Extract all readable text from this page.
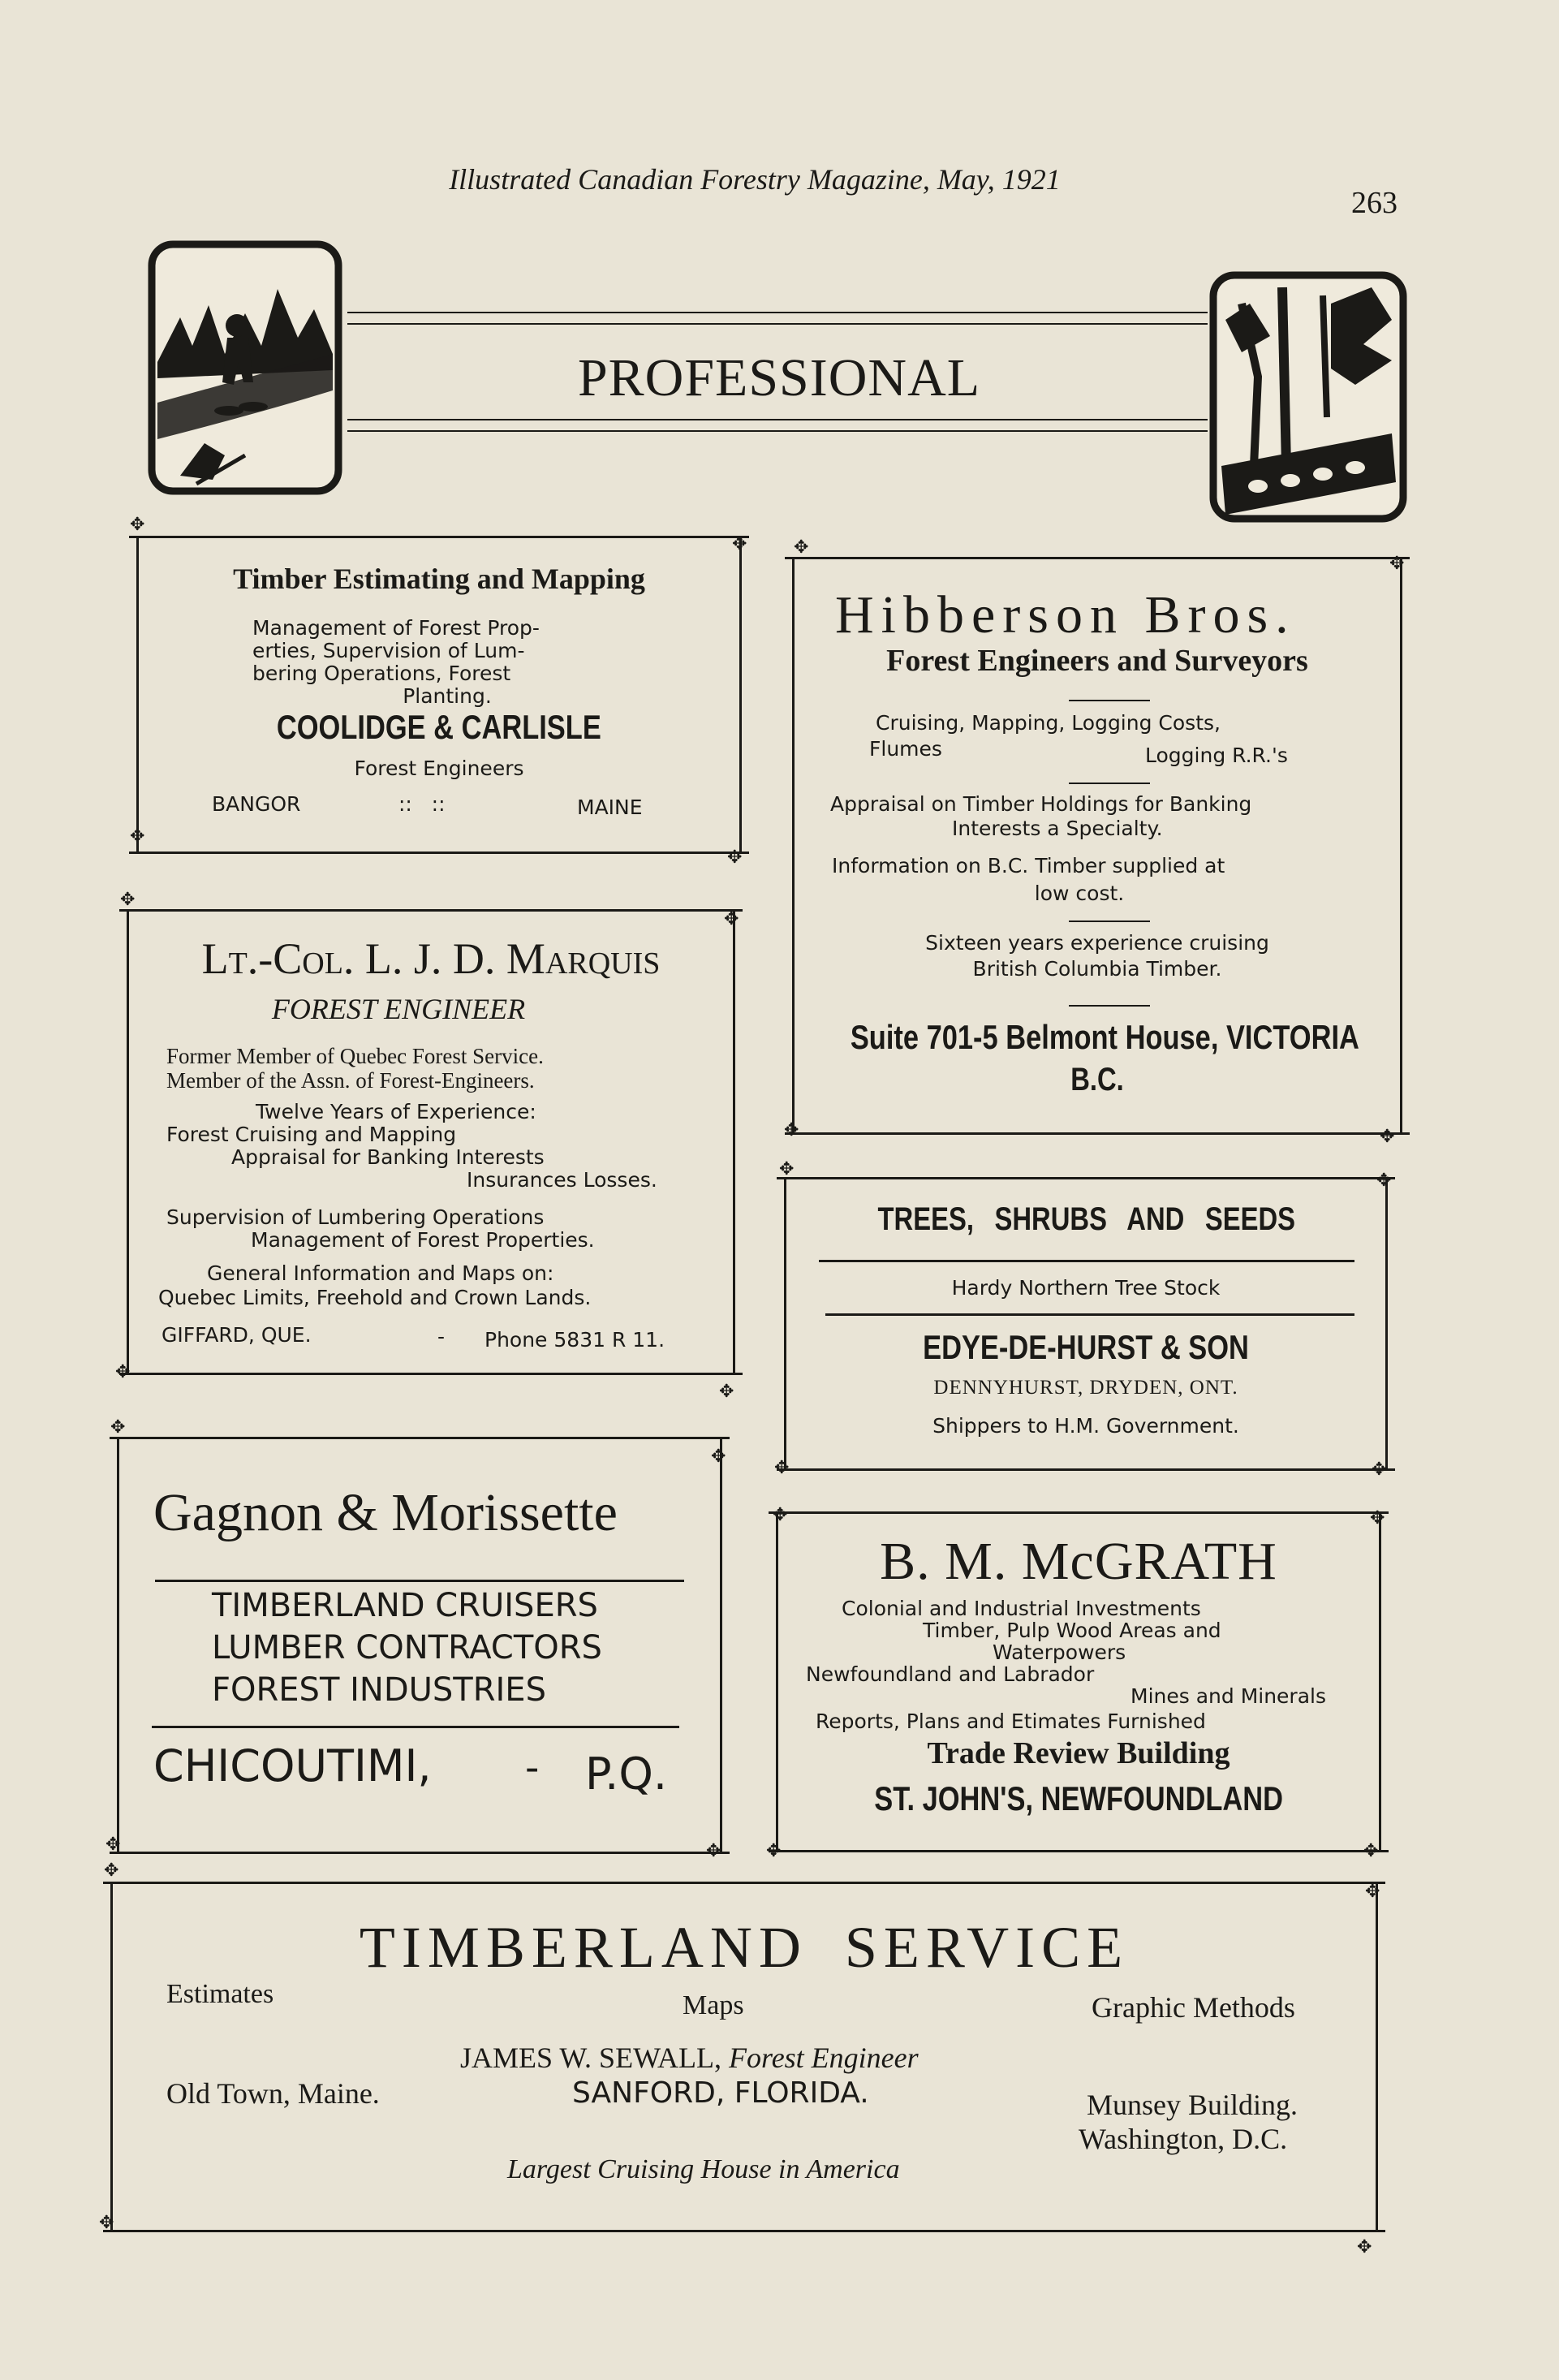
Illustrated Canadian Forestry Magazine, May, 1921
263
PROFESSIONAL
Timber Estimating and Mapping
Management of Forest Prop-
erties, Supervision of Lum-
bering Operations, Forest
Planting.
COOLIDGE & CARLISLE
Forest Engineers
BANGOR	::   ::	MAINE
✥
✥
✥
✥
Lt.-Col. L. J. D. Marquis
FOREST ENGINEER
Former Member of Quebec Forest Service.
Member of the Assn. of Forest-Engineers.
Twelve Years of Experience:
Forest Cruising and Mapping
Appraisal for Banking Interests
Insurances Losses.
Supervision of Lumbering Operations
Management of Forest Properties.
General Information and Maps on:
Quebec Limits, Freehold and Crown Lands.
GIFFARD, QUE.	- Phone 5831 R 11.
✥
✥
✥
✥
Gagnon & Morissette
TIMBERLAND CRUISERS
LUMBER CONTRACTORS
FOREST INDUSTRIES
CHICOUTIMI, - P.Q.
✥
✥
✥	✥
Hibberson Bros.
Forest Engineers and Surveyors
Cruising, Mapping, Logging Costs,
Flumes	Logging R.R.'s
Appraisal on Timber Holdings for Banking
Interests a Specialty.
Information on B.C. Timber supplied at
low cost.
Sixteen years experience cruising
British Columbia Timber.
Suite 701-5 Belmont House, VICTORIA
B.C.
✥
✥
✥	✥
TREES, SHRUBS AND SEEDS
Hardy Northern Tree Stock
EDYE-DE-HURST & SON
DENNYHURST, DRYDEN, ONT.
Shippers to H.M. Government.
✥
✥
✥	✥
B. M. McGRATH
Colonial and Industrial Investments
Timber, Pulp Wood Areas and
Waterpowers
Newfoundland and Labrador
Mines and Minerals
Reports, Plans and Etimates Furnished
Trade Review Building
ST. JOHN'S, NEWFOUNDLAND
✥	✥
✥	✥
TIMBERLAND SERVICE
Estimates	Maps	Graphic Methods
JAMES W. SEWALL, Forest Engineer
Old Town, Maine.	SANFORD, FLORIDA.	Munsey Building.
Washington, D.C.
Largest Cruising House in America
✥
✥
✥
✥
